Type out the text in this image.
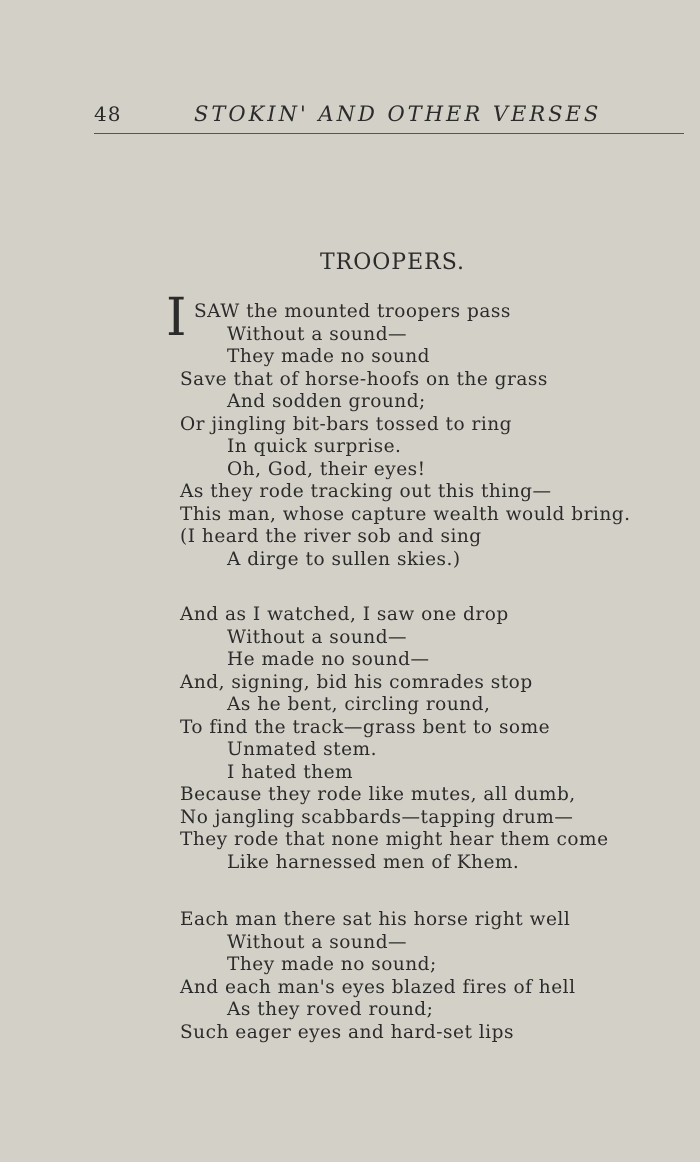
48	STOKIN' AND OTHER VERSES
TROOPERS.
I SAW the mounted troopers pass
Without a sound—
They made no sound
Save that of horse-hoofs on the grass
And sodden ground;
Or jingling bit-bars tossed to ring
In quick surprise.
Oh, God, their eyes!
As they rode tracking out this thing—
This man, whose capture wealth would bring.
(I heard the river sob and sing
A dirge to sullen skies.)
And as I watched, I saw one drop
Without a sound—
He made no sound—
And, signing, bid his comrades stop
As he bent, circling round,
To find the track—grass bent to some
Unmated stem.
I hated them
Because they rode like mutes, all dumb,
No jangling scabbards—tapping drum—
They rode that none might hear them come
Like harnessed men of Khem.
Each man there sat his horse right well
Without a sound—
They made no sound;
And each man's eyes blazed fires of hell
As they roved round;
Such eager eyes and hard-set lips
